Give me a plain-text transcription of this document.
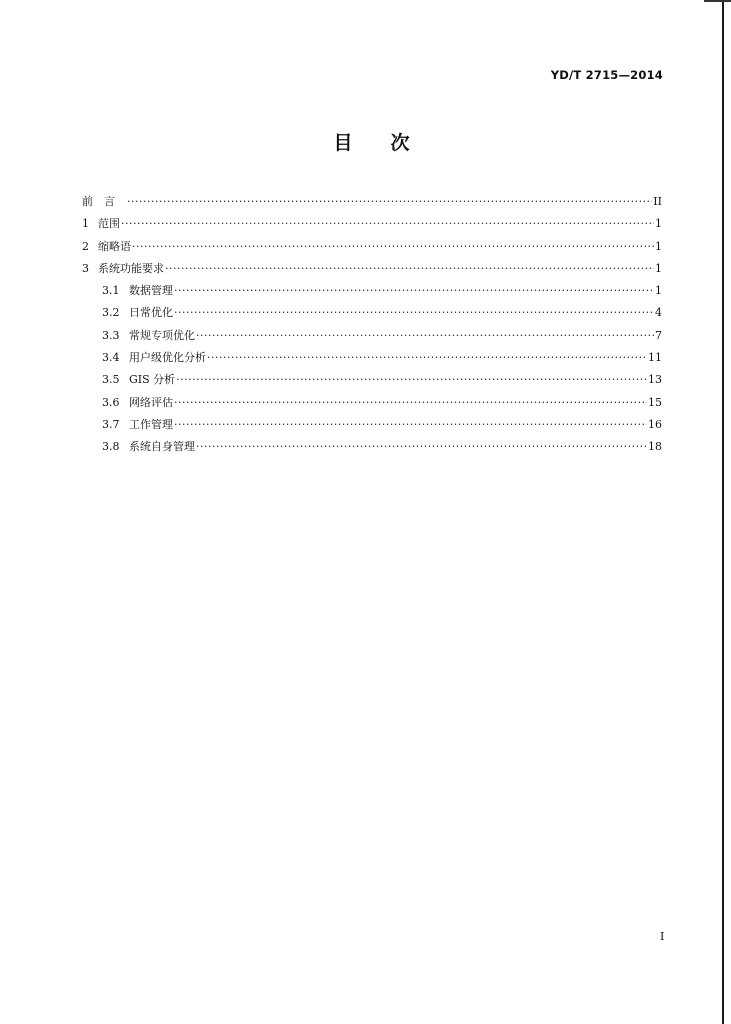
YD/T 2715—2014
目 次
前言 ·····	II
1 范围 ·····	1
2 缩略语 ·····	1
3 系统功能要求 ·····	1
3.1 数据管理 ·····	1
3.2 日常优化 ·····	4
3.3 常规专项优化 ·····	7
3.4 用户级优化分析 ·····	11
3.5 GIS 分析 ·····	13
3.6 网络评估 ·····	15
3.7 工作管理 ·····	16
3.8 系统自身管理 ·····	18
I
